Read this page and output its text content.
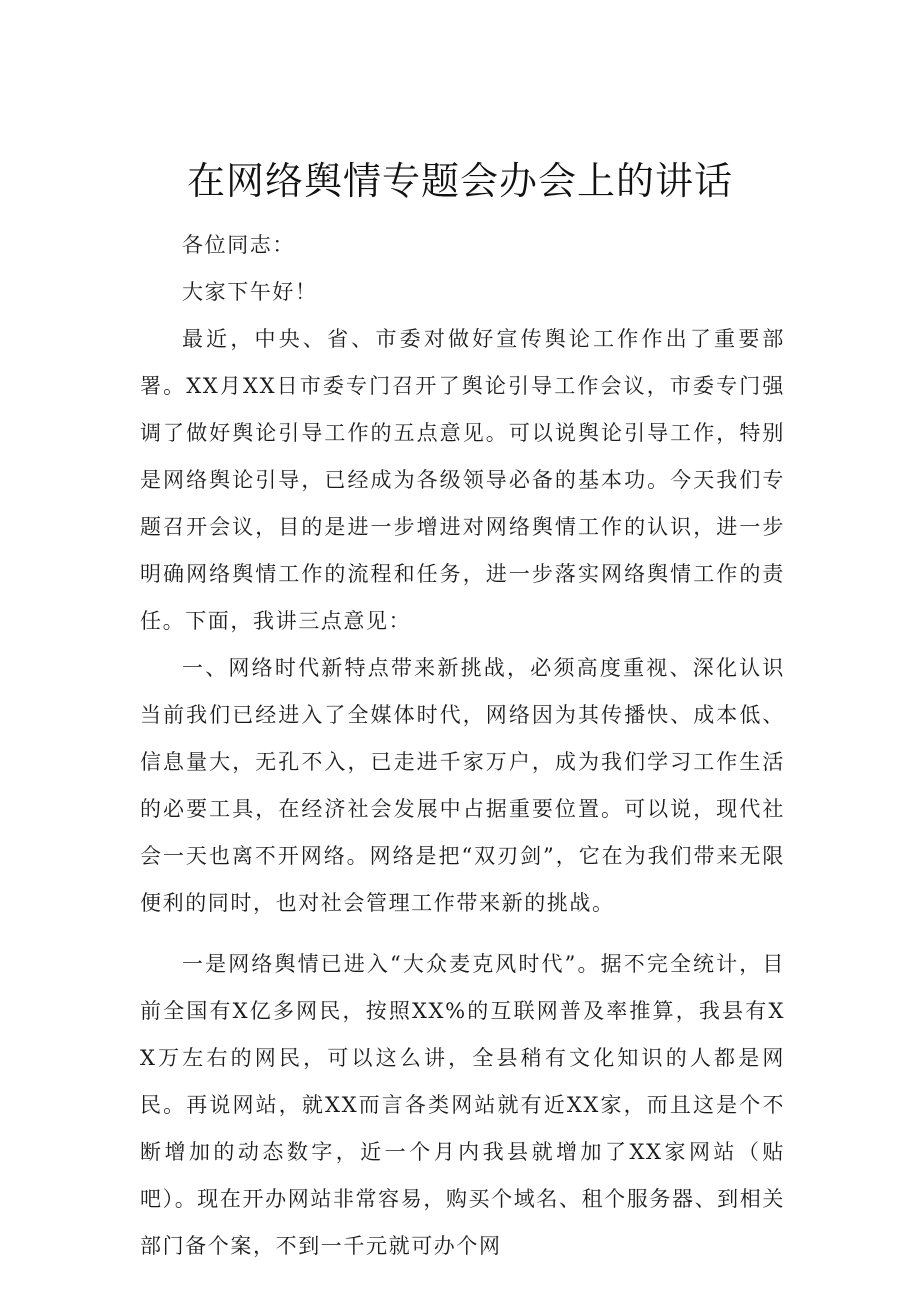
在网络舆情专题会办会上的讲话

各位同志：

大家下午好！

最近，中央、省、市委对做好宣传舆论工作作出了重要部署。XX月XX日市委专门召开了舆论引导工作会议，市委专门强调了做好舆论引导工作的五点意见。可以说舆论引导工作，特别是网络舆论引导，已经成为各级领导必备的基本功。今天我们专题召开会议，目的是进一步增进对网络舆情工作的认识，进一步明确网络舆情工作的流程和任务，进一步落实网络舆情工作的责任。下面，我讲三点意见：

一、网络时代新特点带来新挑战，必须高度重视、深化认识当前我们已经进入了全媒体时代，网络因为其传播快、成本低、信息量大，无孔不入，已走进千家万户，成为我们学习工作生活的必要工具，在经济社会发展中占据重要位置。可以说，现代社会一天也离不开网络。网络是把“双刃剑”，它在为我们带来无限便利的同时，也对社会管理工作带来新的挑战。

一是网络舆情已进入“大众麦克风时代”。据不完全统计，目前全国有X亿多网民，按照XX%的互联网普及率推算，我县有XX万左右的网民，可以这么讲，全县稍有文化知识的人都是网民。再说网站，就XX而言各类网站就有近XX家，而且这是个不断增加的动态数字，近一个月内我县就增加了XX家网站（贴吧）。现在开办网站非常容易，购买个域名、租个服务器、到相关部门备个案，不到一千元就可办个网
